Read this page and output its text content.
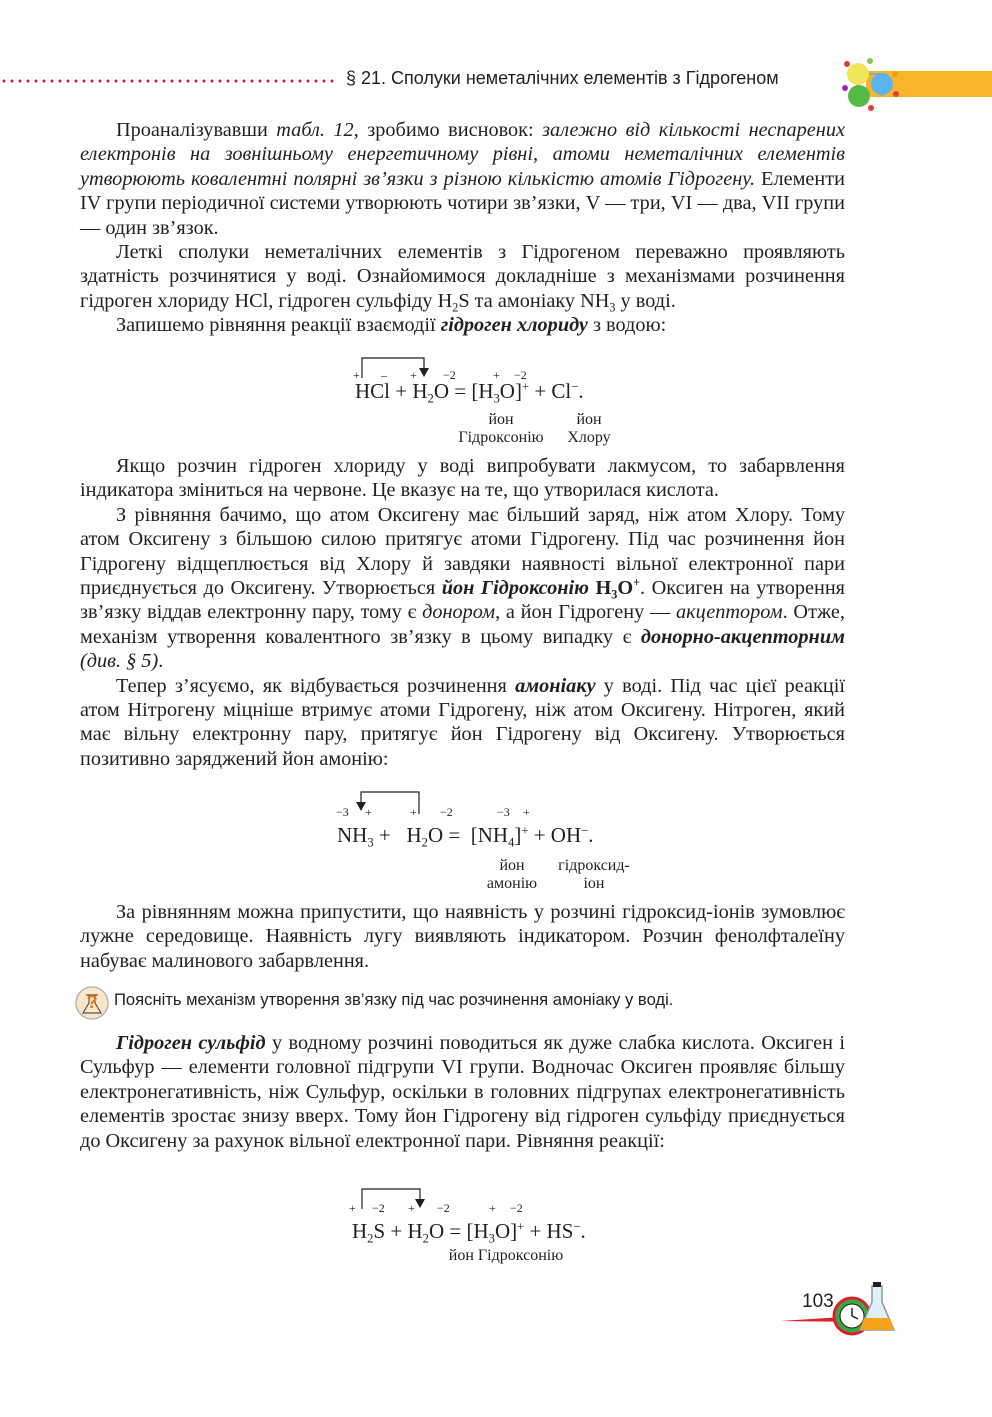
§ 21. Сполуки неметалічних елементів з Гідрогеном

Проаналізувавши табл. 12, зробимо висновок: залежно від кількості неспарених електронів на зовнішньому енергетичному рівні, атоми неметалічних елементів утворюють ковалентні полярні зв’язки з різною кількістю атомів Гідрогену. Елементи IV групи періодичної системи утворюють чотири зв’язки, V — три, VI — два, VII групи — один зв’язок.

Леткі сполуки неметалічних елементів з Гідрогеном переважно проявляють здатність розчинятися у воді. Ознайомимося докладніше з механізмами розчинення гідроген хлориду HCl, гідроген сульфіду $H_2S$ та амоніаку $NH_3$ у воді.

Запишемо рівняння реакції взаємодії гідроген хлориду з водою:

+ – + −2	+ −2
HCl + $H_2O = [H_3O]^+ + Cl^-$.
йон
Гідроксонію
йон
Хлору

Якщо розчин гідроген хлориду у воді випробувати лакмусом, то забарвлення індикатора зміниться на червоне. Це вказує на те, що утворилася кислота.

З рівняння бачимо, що атом Оксигену має більший заряд, ніж атом Хлору. Тому атом Оксигену з більшою силою притягує атоми Гідрогену. Під час розчинення йон Гідрогену відщеплюється від Хлору й завдяки наявності вільної електронної пари приєднується до Оксигену. Утворюється йон Гідроксонію $H_3O^+$. Оксиген на утворення зв’язку віддав електронну пару, тому є донором, а йон Гідрогену — акцептором. Отже, механізм утворення ковалентного зв’язку в цьому випадку є донорно-акцепторним (див. § 5).

Тепер з’ясуємо, як відбувається розчинення амоніаку у воді. Під час цієї реакції атом Нітрогену міцніше втримує атоми Гідрогену, ніж атом Оксигену. Нітроген, який має вільну електронну пару, притягує йон Гідрогену від Оксигену. Утворюється позитивно заряджений йон амонію:

−3 +	+ −2	−3 +
$NH_3 + H_2O = [NH_4]^+ + OH^-$.
йон
амонію
гідроксид-
іон

За рівнянням можна припустити, що наявність у розчині гідроксид-іонів зумовлює лужне середовище. Наявність лугу виявляють індикатором. Розчин фенолфталеїну набуває малинового забарвлення.

? Поясніть механізм утворення зв’язку під час розчинення амоніаку у воді.

Гідроген сульфід у водному розчині поводиться як дуже слабка кислота. Оксиген і Сульфур — елементи головної підгрупи VI групи. Водночас Оксиген проявляє більшу електронегативність, ніж Сульфур, оскільки в головних підгрупах електронегативність елементів зростає знизу вверх. Тому йон Гідрогену від гідроген сульфіду приєднується до Оксигену за рахунок вільної електронної пари. Рівняння реакції:

+ −2 + −2	+ −2
$H_2S + H_2O = [H_3O]^+ + HS^-$.
йон Гідроксонію
103
